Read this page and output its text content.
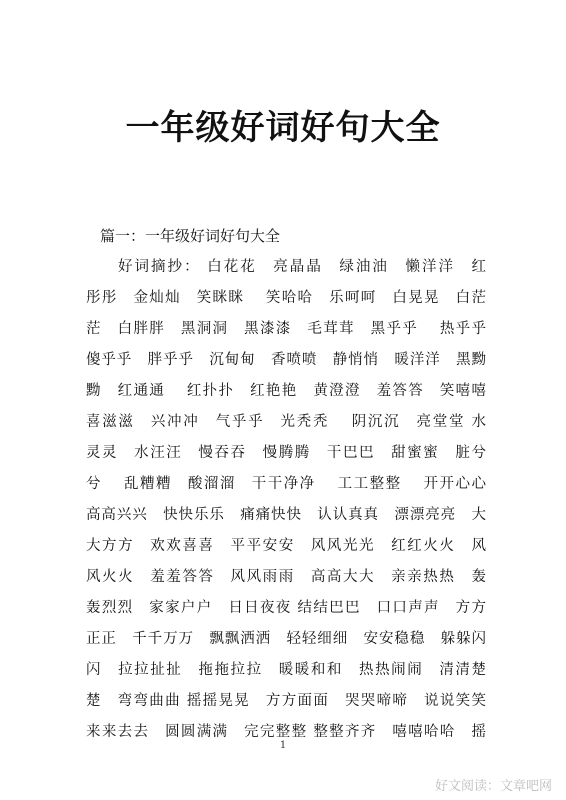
一年级好词好句大全
篇一：一年级好词好句大全
好词摘抄： 白花花　亮晶晶　绿油油　懒洋洋　红
彤彤　金灿灿　笑眯眯　 笑哈哈　乐呵呵　白晃晃　白茫
茫　白胖胖　黑洞洞　黑漆漆　毛茸茸　黑乎乎　 热乎乎
傻乎乎　胖乎乎　沉甸甸　香喷喷　静悄悄　暖洋洋　黑黝
黝　红通通　 红扑扑　红艳艳　黄澄澄　羞答答　笑嘻嘻
喜滋滋　兴冲冲　气乎乎　光秃秃　 阴沉沉　亮堂堂 水
灵灵　水汪汪　慢吞吞　慢腾腾　干巴巴　甜蜜蜜　脏兮
兮　 乱糟糟　酸溜溜　干干净净　 工工整整　 开开心心
高高兴兴　快快乐乐　痛痛快快　认认真真　漂漂亮亮　大
大方方　欢欢喜喜　平平安安　风风光光　红红火火　风
风火火　羞羞答答　风风雨雨　高高大大　亲亲热热　轰
轰烈烈　家家户户　日日夜夜 结结巴巴　口口声声　方方
正正　千千万万　飘飘洒洒　轻轻细细　安安稳稳　躲躲闪
闪　拉拉扯扯　拖拖拉拉　暖暖和和　热热闹闹　清清楚
楚　弯弯曲曲 摇摇晃晃　方方面面　哭哭啼啼　说说笑笑
来来去去　圆圆满满　完完整整 整整齐齐　嘻嘻哈哈　摇
1
好文阅读：文章吧网
